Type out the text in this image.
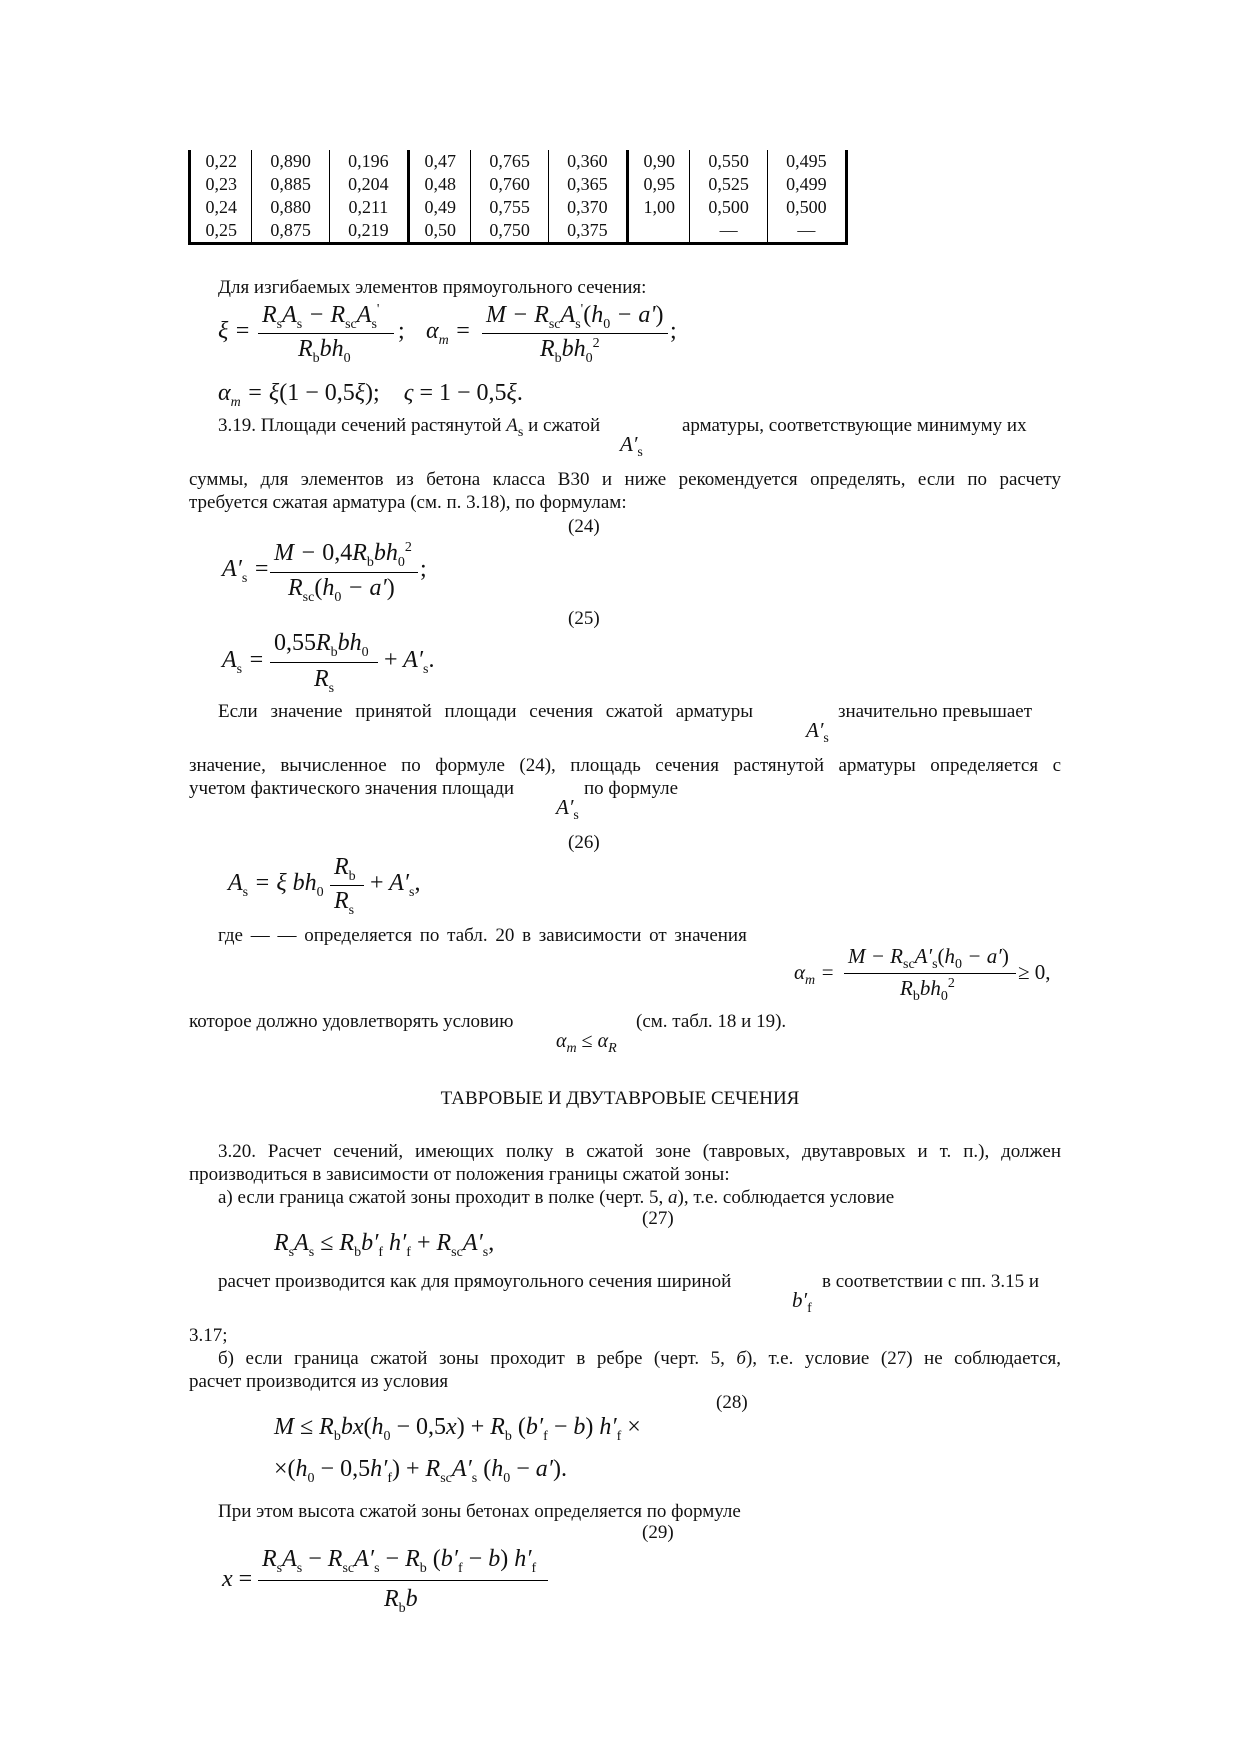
0,22	0,890	0,196	0,47	0,765	0,360	0,90	0,550	0,495
0,23	0,885	0,204	0,48	0,760	0,365	0,95	0,525	0,499
0,24	0,880	0,211	0,49	0,755	0,370	1,00	0,500	0,500
0,25	0,875	0,219	0,50	0,750	0,375		—	—
Для изгибаемых элементов прямоугольного сечения:
ξ =
$R_sA_s - R_{sc}A_s'$
$R_bbh_0$
; $\alpha_m$ =
$M - R_{sc}A_s'(h_0 - a')$
$R_bbh_0^2$	;
$\alpha_m = \xi(1 - 0,5\xi)$;    ς = 1 − 0,5ξ.
3.19. Площади сечений растянутой $A_s$ и сжатой	арматуры, соответствующие минимуму их
$A'_s$
суммы, для элементов из бетона класса В30 и ниже рекомендуется определять, если по расчету
требуется сжатая арматура (см. п. 3.18), по формулам:
(24)
$A'_s$ =
$M - 0,4R_bbh_0^2$
$R_{sc}(h_0 - a')$
;
(25)
$A_s$ =
$0,55R_bbh_0$
$R_s$
+ $A'_s$.
Если значение принятой площади сечения сжатой арматуры	значительно превышает
$A'_s$
значение, вычисленное по формуле (24), площадь сечения растянутой арматуры определяется с
учетом фактического значения площади	по формуле
$A'_s$
(26)
$A_s = \xi$ $bh_0$
$R_b$
$R_s$
+ $A'_s$,
где — — определяется по табл. 20 в зависимости от значения
$\alpha_m$ =
$M - R_{sc}A'_s(h_0 - a')$
$R_bbh_0^2$	≥ 0,
которое должно удовлетворять условию	(см. табл. 18 и 19).
$\alpha_m \le \alpha_R$
ТАВРОВЫЕ И ДВУТАВРОВЫЕ СЕЧЕНИЯ
3.20. Расчет сечений, имеющих полку в сжатой зоне (тавровых, двутавровых и т. п.), должен
производиться в зависимости от положения границы сжатой зоны:
а) если граница сжатой зоны проходит в полке (черт. 5, а), т.е. соблюдается условие
(27)
$R_sA_s \le R_bb'_f$ $h'_f + R_{sc}A'_s$,
расчет производится как для прямоугольного сечения шириной	в соответствии с пп. 3.15 и
$b'_f$
3.17;
б) если граница сжатой зоны проходит в ребре (черт. 5, б), т.е. условие (27) не соблюдается,
расчет производится из условия
(28)
$M \le R_bbx(h_0 - 0,5x) + R_b$ $(b'_f - b) h'_f$ ×
$\times(h_0 - 0,5h'_f) + R_{sc}A'_s$ $(h_0 - a')$.
При этом высота сжатой зоны бетонах определяется по формуле
(29)
x =
$R_sA_s - R_{sc}A'_s - R_b$ $(b'_f - b)$ $h'_f$
$R_bb$
